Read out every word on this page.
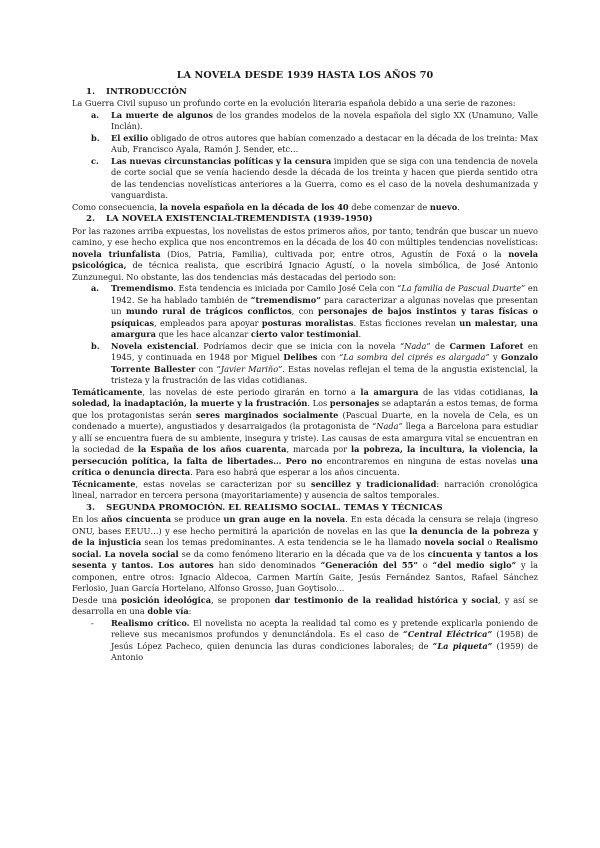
LA NOVELA DESDE 1939 HASTA LOS AÑOS 70
1. INTRODUCCIÓN

La Guerra Civil supuso un profundo corte en la evolución literaria española debido a una serie de razones:

a. La muerte de algunos de los grandes modelos de la novela española del siglo XX (Unamuno, Valle Inclán).
b. El exilio obligado de otros autores que habían comenzado a destacar en la década de los treinta: Max Aub, Francisco Ayala, Ramón J. Sender, etc…
c. Las nuevas circunstancias políticas y la censura impiden que se siga con una tendencia de novela de corte social que se venía haciendo desde la década de los treinta y hacen que pierda sentido otra de las tendencias novelísticas anteriores a la Guerra, como es el caso de la novela deshumanizada y vanguardista.

Como consecuencia, la novela española en la década de los 40 debe comenzar de nuevo.

2. LA NOVELA EXISTENCIAL-TREMENDISTA (1939-1950)

Por las razones arriba expuestas, los novelistas de estos primeros años, por tanto, tendrán que buscar un nuevo camino, y ese hecho explica que nos encontremos en la década de los 40 con múltiples tendencias novelísticas: novela triunfalista (Dios, Patria, Familia), cultivada por, entre otros, Agustín de Foxá o la novela psicológica, de técnica realista, que escribirá Ignacio Agustí, o la novela simbólica, de José Antonio Zunzunegui. No obstante, las dos tendencias más destacadas del periodo son:

a. Tremendismo. Esta tendencia es iniciada por Camilo José Cela con “La familia de Pascual Duarte” en 1942. Se ha hablado también de “tremendismo” para caracterizar a algunas novelas que presentan un mundo rural de trágicos conflictos, con personajes de bajos instintos y taras físicas o psíquicas, empleados para apoyar posturas moralistas. Estas ficciones revelan un malestar, una amargura que les hace alcanzar cierto valor testimonial.
b. Novela existencial. Podríamos decir que se inicia con la novela “Nada” de Carmen Laforet en 1945, y continuada en 1948 por Miguel Delibes con “La sombra del ciprés es alargada” y Gonzalo Torrente Ballester con “Javier Mariño”. Estas novelas reflejan el tema de la angustia existencial, la tristeza y la frustración de las vidas cotidianas.

Temáticamente, las novelas de este periodo girarán en torno a la amargura de las vidas cotidianas, la soledad, la inadaptación, la muerte y la frustración. Los personajes se adaptarán a estos temas, de forma que los protagonistas serán seres marginados socialmente (Pascual Duarte, en la novela de Cela, es un condenado a muerte), angustiados y desarraigados (la protagonista de “Nada” llega a Barcelona para estudiar y allí se encuentra fuera de su ambiente, insegura y triste). Las causas de esta amargura vital se encuentran en la sociedad de la España de los años cuarenta, marcada por la pobreza, la incultura, la violencia, la persecución política, la falta de libertades… Pero no encontraremos en ninguna de estas novelas una crítica o denuncia directa. Para eso habrá que esperar a los años cincuenta.

Técnicamente, estas novelas se caracterizan por su sencillez y tradicionalidad: narración cronológica lineal, narrador en tercera persona (mayoritariamente) y ausencia de saltos temporales.

3. SEGUNDA PROMOCIÓN. EL REALISMO SOCIAL. TEMAS Y TÉCNICAS

En los años cincuenta se produce un gran auge en la novela. En esta década la censura se relaja (ingreso ONU, bases EEUU…) y ese hecho permitirá la aparición de novelas en las que la denuncia de la pobreza y de la injusticia sean los temas predominantes. A esta tendencia se le ha llamado novela social o Realismo social. La novela social se da como fenómeno literario en la década que va de los cincuenta y tantos a los sesenta y tantos. Los autores han sido denominados “Generación del 55” o “del medio siglo” y la componen, entre otros: Ignacio Aldecoa, Carmen Martín Gaite, Jesús Fernández Santos, Rafael Sánchez Ferlosio, Juan García Hortelano, Alfonso Grosso, Juan Goytisolo…

Desde una posición ideológica, se proponen dar testimonio de la realidad histórica y social, y así se desarrolla en una doble vía:

- Realismo crítico. El novelista no acepta la realidad tal como es y pretende explicarla poniendo de relieve sus mecanismos profundos y denunciándola. Es el caso de “Central Eléctrica” (1958) de Jesús López Pacheco, quien denuncia las duras condiciones laborales; de “La piqueta” (1959) de Antonio
